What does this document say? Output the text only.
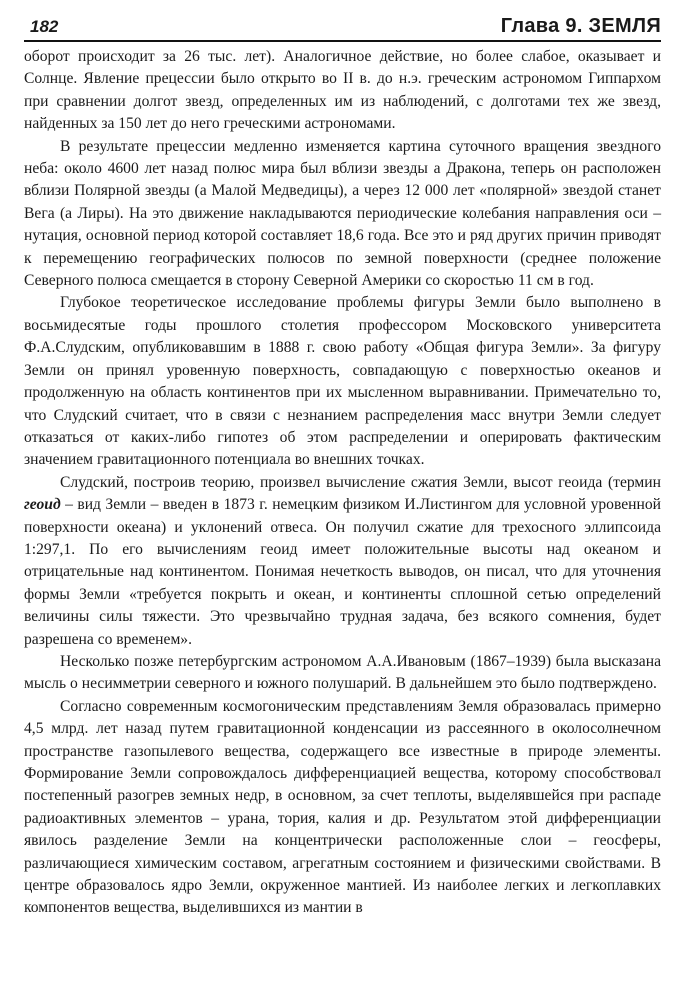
182	Глава 9. ЗЕМЛЯ

оборот происходит за 26 тыс. лет). Аналогичное действие, но более слабое, оказывает и Солнце. Явление прецессии было открыто во II в. до н.э. греческим астрономом Гиппархом при сравнении долгот звезд, определенных им из наблюдений, с долготами тех же звезд, найденных за 150 лет до него греческими астрономами.

В результате прецессии медленно изменяется картина суточного вращения звездного неба: около 4600 лет назад полюс мира был вблизи звезды а Дракона, теперь он расположен вблизи Полярной звезды (а Малой Медведицы), а через 12 000 лет «полярной» звездой станет Вега (а Лиры). На это движение накладываются периодические колебания направления оси – нутация, основной период которой составляет 18,6 года. Все это и ряд других причин приводят к перемещению географических полюсов по земной поверхности (среднее положение Северного полюса смещается в сторону Северной Америки со скоростью 11 см в год.

Глубокое теоретическое исследование проблемы фигуры Земли было выполнено в восьмидесятые годы прошлого столетия профессором Московского университета Ф.А.Слудским, опубликовавшим в 1888 г. свою работу «Общая фигура Земли». За фигуру Земли он принял уровенную поверхность, совпадающую с поверхностью океанов и продолженную на область континентов при их мысленном выравнивании. Примечательно то, что Слудский считает, что в связи с незнанием распределения масс внутри Земли следует отказаться от каких-либо гипотез об этом распределении и оперировать фактическим значением гравитационного потенциала во внешних точках.

Слудский, построив теорию, произвел вычисление сжатия Земли, высот геоида (термин геоид – вид Земли – введен в 1873 г. немецким физиком И.Листингом для условной уровенной поверхности океана) и уклонений отвеса. Он получил сжатие для трехосного эллипсоида 1:297,1. По его вычислениям геоид имеет положительные высоты над океаном и отрицательные над континентом. Понимая нечеткость выводов, он писал, что для уточнения формы Земли «требуется покрыть и океан, и континенты сплошной сетью определений величины силы тяжести. Это чрезвычайно трудная задача, без всякого сомнения, будет разрешена со временем».

Несколько позже петербургским астрономом А.А.Ивановым (1867–1939) была высказана мысль о несимметрии северного и южного полушарий. В дальнейшем это было подтверждено.

Согласно современным космогоническим представлениям Земля образовалась примерно 4,5 млрд. лет назад путем гравитационной конденсации из рассеянного в околосолнечном пространстве газопылевого вещества, содержащего все известные в природе элементы. Формирование Земли сопровождалось дифференциацией вещества, которому способствовал постепенный разогрев земных недр, в основном, за счет теплоты, выделявшейся при распаде радиоактивных элементов – урана, тория, калия и др. Результатом этой дифференциации явилось разделение Земли на концентрически расположенные слои – геосферы, различающиеся химическим составом, агрегатным состоянием и физическими свойствами. В центре образовалось ядро Земли, окруженное мантией. Из наиболее легких и легкоплавких компонентов вещества, выделившихся из мантии в
